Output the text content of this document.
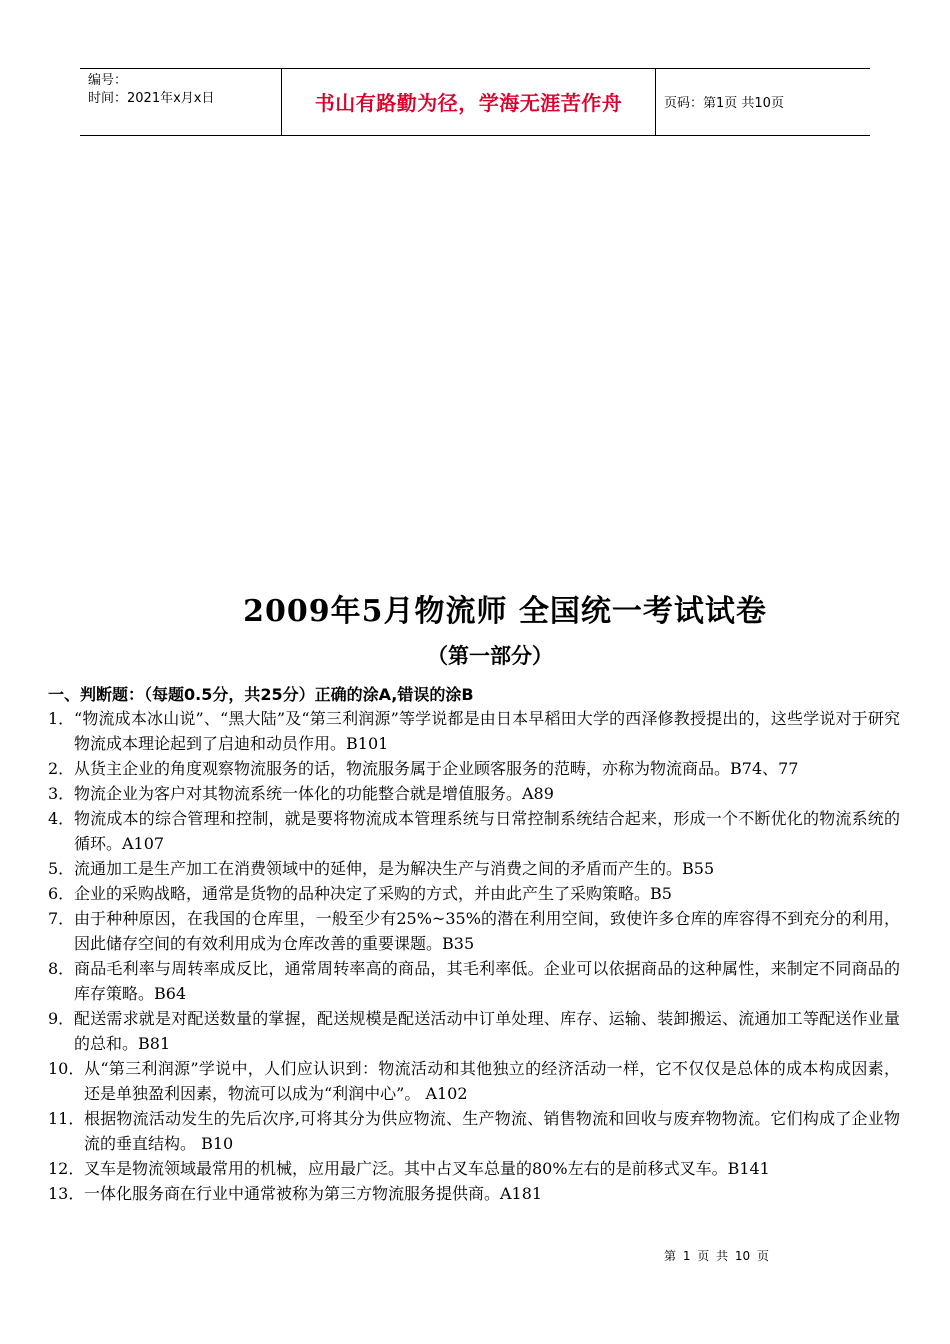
编号：
时间：2021年x月x日	书山有路勤为径，学海无涯苦作舟	页码：第1页 共10页
2009年5月物流师 全国统一考试试卷
（第一部分）
一、判断题：（每题0.5分，共25分）正确的涂A,错误的涂B
1． “物流成本冰山说”、“黑大陆”及“第三利润源”等学说都是由日本早稻田大学的西泽修教授提出的，这些学说对于研究物流成本理论起到了启迪和动员作用。B101
2． 从货主企业的角度观察物流服务的话，物流服务属于企业顾客服务的范畴，亦称为物流商品。B74、77
3． 物流企业为客户对其物流系统一体化的功能整合就是增值服务。A89
4． 物流成本的综合管理和控制，就是要将物流成本管理系统与日常控制系统结合起来，形成一个不断优化的物流系统的循环。A107
5． 流通加工是生产加工在消费领域中的延伸，是为解决生产与消费之间的矛盾而产生的。B55
6． 企业的采购战略，通常是货物的品种决定了采购的方式，并由此产生了采购策略。B5
7． 由于种种原因，在我国的仓库里，一般至少有25%~35%的潜在利用空间，致使许多仓库的库容得不到充分的利用，因此储存空间的有效利用成为仓库改善的重要课题。B35
8． 商品毛利率与周转率成反比，通常周转率高的商品，其毛利率低。企业可以依据商品的这种属性，来制定不同商品的库存策略。B64
9． 配送需求就是对配送数量的掌握，配送规模是配送活动中订单处理、库存、运输、装卸搬运、流通加工等配送作业量的总和。B81
10． 从“第三利润源”学说中，人们应认识到：物流活动和其他独立的经济活动一样，它不仅仅是总体的成本构成因素，还是单独盈利因素，物流可以成为“利润中心”。 A102
11． 根据物流活动发生的先后次序,可将其分为供应物流、生产物流、销售物流和回收与废弃物物流。它们构成了企业物流的垂直结构。 B10
12． 叉车是物流领域最常用的机械，应用最广泛。其中占叉车总量的80%左右的是前移式叉车。B141
13． 一体化服务商在行业中通常被称为第三方物流服务提供商。A181
第 1 页 共 10 页
